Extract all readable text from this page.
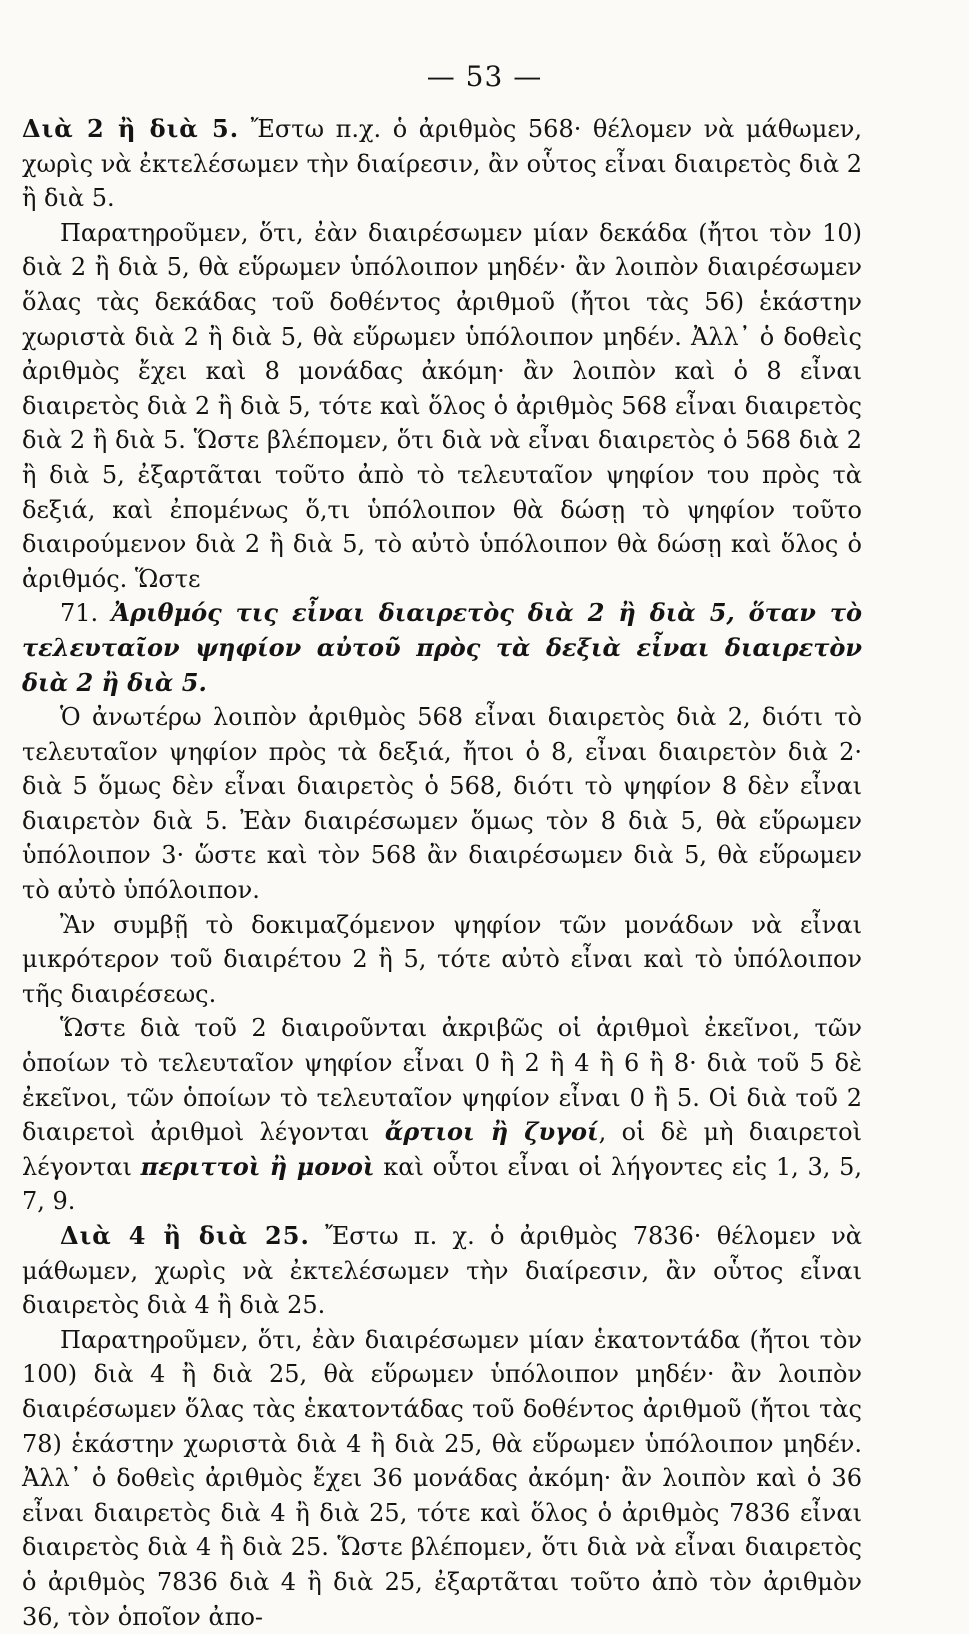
— 53 —

Διὰ 2 ἢ διὰ 5. Ἔστω π.χ. ὁ ἀριθμὸς 568· θέλομεν νὰ μάθωμεν, χωρὶς νὰ ἐκτελέσωμεν τὴν διαίρεσιν, ἂν οὗτος εἶναι διαιρετὸς διὰ 2 ἢ διὰ 5.

Παρατηροῦμεν, ὅτι, ἐὰν διαιρέσωμεν μίαν δεκάδα (ἤτοι τὸν 10) διὰ 2 ἢ διὰ 5, θὰ εὕρωμεν ὑπόλοιπον μηδέν· ἂν λοιπὸν διαιρέσωμεν ὅλας τὰς δεκάδας τοῦ δοθέντος ἀριθμοῦ (ἤτοι τὰς 56) ἑκάστην χωριστὰ διὰ 2 ἢ διὰ 5, θὰ εὕρωμεν ὑπόλοιπον μηδέν. Ἀλλ᾿ ὁ δοθεὶς ἀριθμὸς ἔχει καὶ 8 μονάδας ἀκόμη· ἂν λοιπὸν καὶ ὁ 8 εἶναι διαιρετὸς διὰ 2 ἢ διὰ 5, τότε καὶ ὅλος ὁ ἀριθμὸς 568 εἶναι διαιρετὸς διὰ 2 ἢ διὰ 5. Ὥστε βλέπομεν, ὅτι διὰ νὰ εἶναι διαιρετὸς ὁ 568 διὰ 2 ἢ διὰ 5, ἐξαρτᾶται τοῦτο ἀπὸ τὸ τελευταῖον ψηφίον του πρὸς τὰ δεξιά, καὶ ἐπομένως ὅ,τι ὑπόλοιπον θὰ δώσῃ τὸ ψηφίον τοῦτο διαιρούμενον διὰ 2 ἢ διὰ 5, τὸ αὐτὸ ὑπόλοιπον θὰ δώσῃ καὶ ὅλος ὁ ἀριθμός. Ὥστε

71. Ἀριθμός τις εἶναι διαιρετὸς διὰ 2 ἢ διὰ 5, ὅταν τὸ τελευταῖον ψηφίον αὐτοῦ πρὸς τὰ δεξιὰ εἶναι διαιρετὸν διὰ 2 ἢ διὰ 5.

Ὁ ἀνωτέρω λοιπὸν ἀριθμὸς 568 εἶναι διαιρετὸς διὰ 2, διότι τὸ τελευταῖον ψηφίον πρὸς τὰ δεξιά, ἤτοι ὁ 8, εἶναι διαιρετὸν διὰ 2· διὰ 5 ὅμως δὲν εἶναι διαιρετὸς ὁ 568, διότι τὸ ψηφίον 8 δὲν εἶναι διαιρετὸν διὰ 5. Ἐὰν διαιρέσωμεν ὅμως τὸν 8 διὰ 5, θὰ εὕρωμεν ὑπόλοιπον 3· ὥστε καὶ τὸν 568 ἂν διαιρέσωμεν διὰ 5, θὰ εὕρωμεν τὸ αὐτὸ ὑπόλοιπον.

Ἂν συμβῇ τὸ δοκιμαζόμενον ψηφίον τῶν μονάδων νὰ εἶναι μικρότερον τοῦ διαιρέτου 2 ἢ 5, τότε αὐτὸ εἶναι καὶ τὸ ὑπόλοιπον τῆς διαιρέσεως.

Ὥστε διὰ τοῦ 2 διαιροῦνται ἀκριβῶς οἱ ἀριθμοὶ ἐκεῖνοι, τῶν ὁποίων τὸ τελευταῖον ψηφίον εἶναι 0 ἢ 2 ἢ 4 ἢ 6 ἢ 8· διὰ τοῦ 5 δὲ ἐκεῖνοι, τῶν ὁποίων τὸ τελευταῖον ψηφίον εἶναι 0 ἢ 5. Οἱ διὰ τοῦ 2 διαιρετοὶ ἀριθμοὶ λέγονται ἄρτιοι ἢ ζυγοί, οἱ δὲ μὴ διαιρετοὶ λέγονται περιττοὶ ἢ μονοὶ καὶ οὗτοι εἶναι οἱ λήγοντες εἰς 1, 3, 5, 7, 9.

Διὰ 4 ἢ διὰ 25. Ἔστω π. χ. ὁ ἀριθμὸς 7836· θέλομεν νὰ μάθωμεν, χωρὶς νὰ ἐκτελέσωμεν τὴν διαίρεσιν, ἂν οὗτος εἶναι διαιρετὸς διὰ 4 ἢ διὰ 25.

Παρατηροῦμεν, ὅτι, ἐὰν διαιρέσωμεν μίαν ἑκατοντάδα (ἤτοι τὸν 100) διὰ 4 ἢ διὰ 25, θὰ εὕρωμεν ὑπόλοιπον μηδέν· ἂν λοιπὸν διαιρέσωμεν ὅλας τὰς ἑκατοντάδας τοῦ δοθέντος ἀριθμοῦ (ἤτοι τὰς 78) ἑκάστην χωριστὰ διὰ 4 ἢ διὰ 25, θὰ εὕρωμεν ὑπόλοιπον μηδέν. Ἀλλ᾿ ὁ δοθεὶς ἀριθμὸς ἔχει 36 μονάδας ἀκόμη· ἂν λοιπὸν καὶ ὁ 36 εἶναι διαιρετὸς διὰ 4 ἢ διὰ 25, τότε καὶ ὅλος ὁ ἀριθμὸς 7836 εἶναι διαιρετὸς διὰ 4 ἢ διὰ 25. Ὥστε βλέπομεν, ὅτι διὰ νὰ εἶναι διαιρετὸς ὁ ἀριθμὸς 7836 διὰ 4 ἢ διὰ 25, ἐξαρτᾶται τοῦτο ἀπὸ τὸν ἀριθμὸν 36, τὸν ὁποῖον ἀπο-
